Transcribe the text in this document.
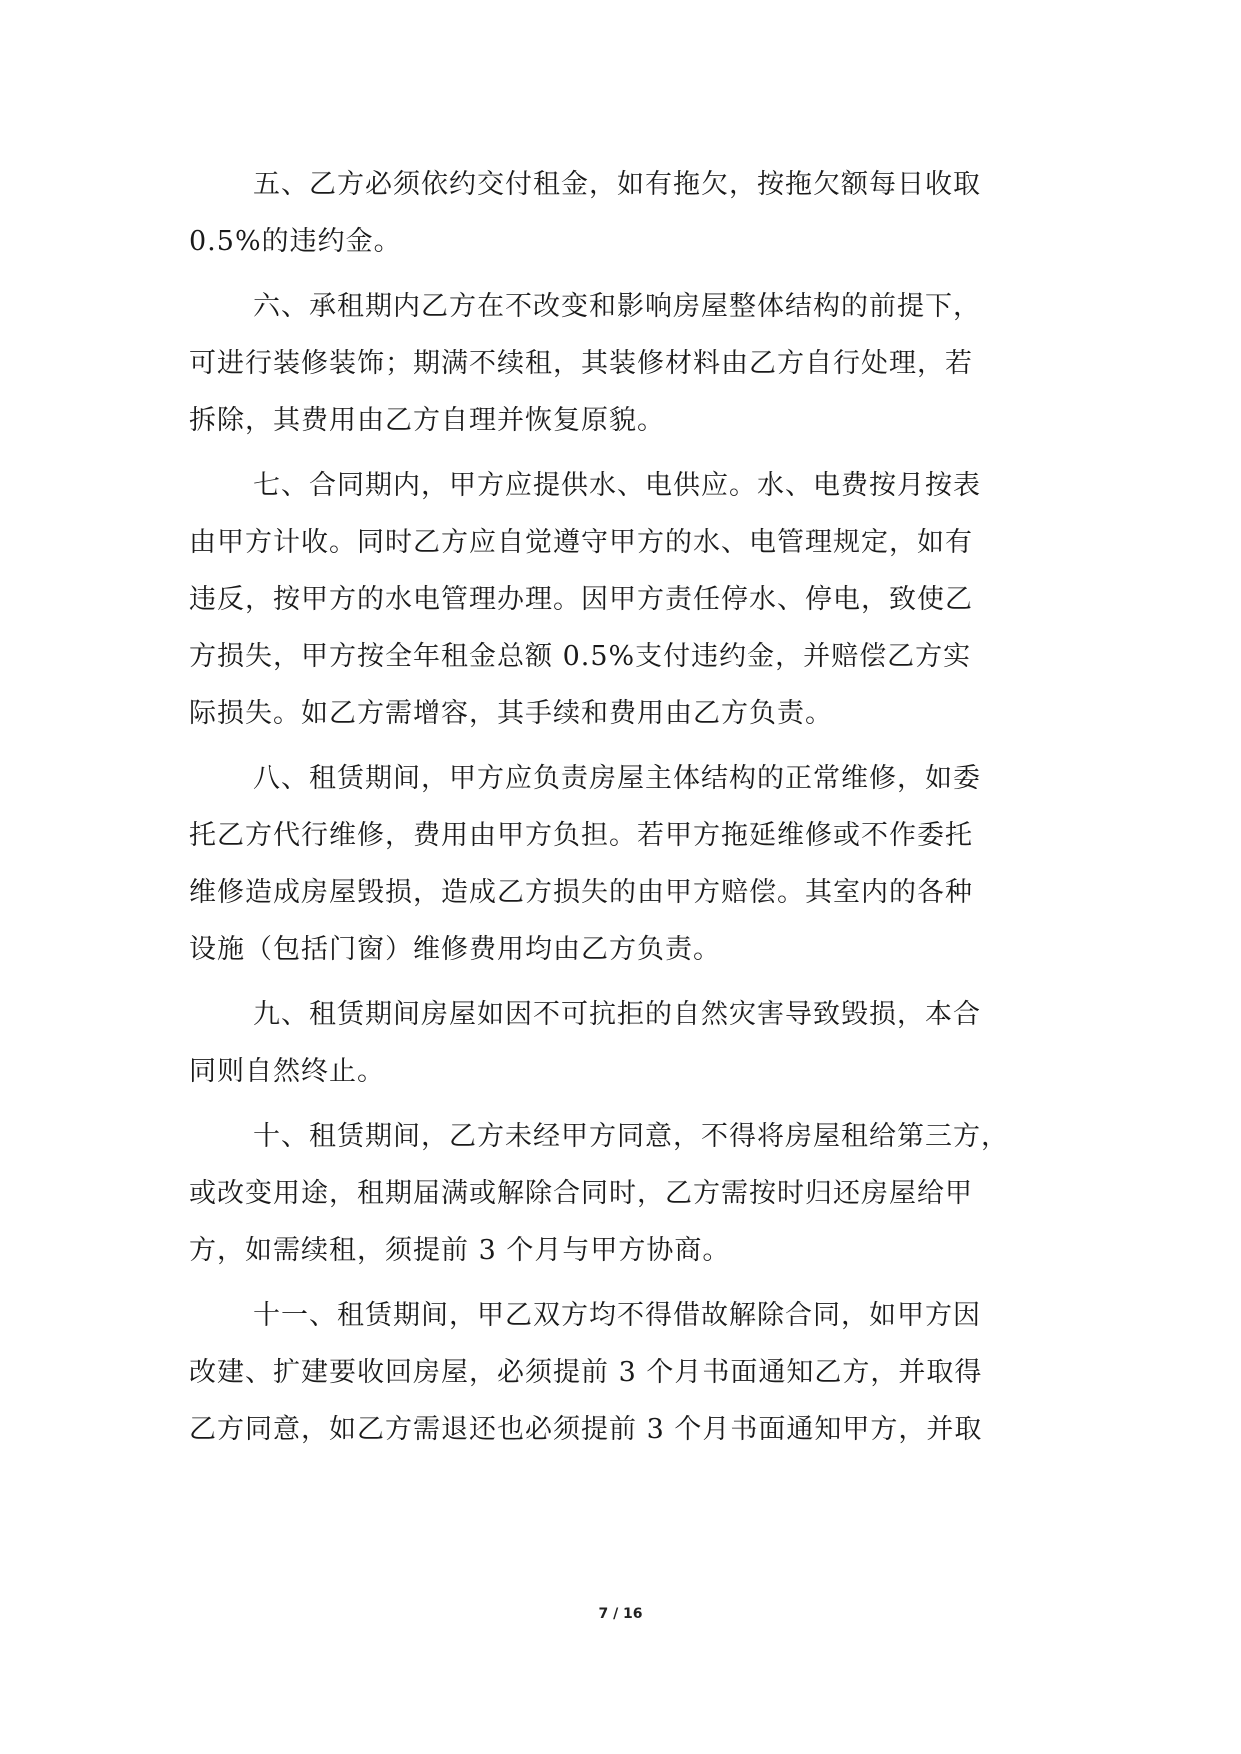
五、乙方必须依约交付租金，如有拖欠，按拖欠额每日收取
0.5%的违约金。
六、承租期内乙方在不改变和影响房屋整体结构的前提下，
可进行装修装饰；期满不续租，其装修材料由乙方自行处理，若
拆除，其费用由乙方自理并恢复原貌。
七、合同期内，甲方应提供水、电供应。水、电费按月按表
由甲方计收。同时乙方应自觉遵守甲方的水、电管理规定，如有
违反，按甲方的水电管理办理。因甲方责任停水、停电，致使乙
方损失，甲方按全年租金总额 0.5%支付违约金，并赔偿乙方实
际损失。如乙方需增容，其手续和费用由乙方负责。
八、租赁期间，甲方应负责房屋主体结构的正常维修，如委
托乙方代行维修，费用由甲方负担。若甲方拖延维修或不作委托
维修造成房屋毁损，造成乙方损失的由甲方赔偿。其室内的各种
设施（包括门窗）维修费用均由乙方负责。
九、租赁期间房屋如因不可抗拒的自然灾害导致毁损，本合
同则自然终止。
十、租赁期间，乙方未经甲方同意，不得将房屋租给第三方，
或改变用途，租期届满或解除合同时，乙方需按时归还房屋给甲
方，如需续租，须提前 3 个月与甲方协商。
十一、租赁期间，甲乙双方均不得借故解除合同，如甲方因
改建、扩建要收回房屋，必须提前 3 个月书面通知乙方，并取得
乙方同意，如乙方需退还也必须提前 3 个月书面通知甲方，并取
7 / 16
